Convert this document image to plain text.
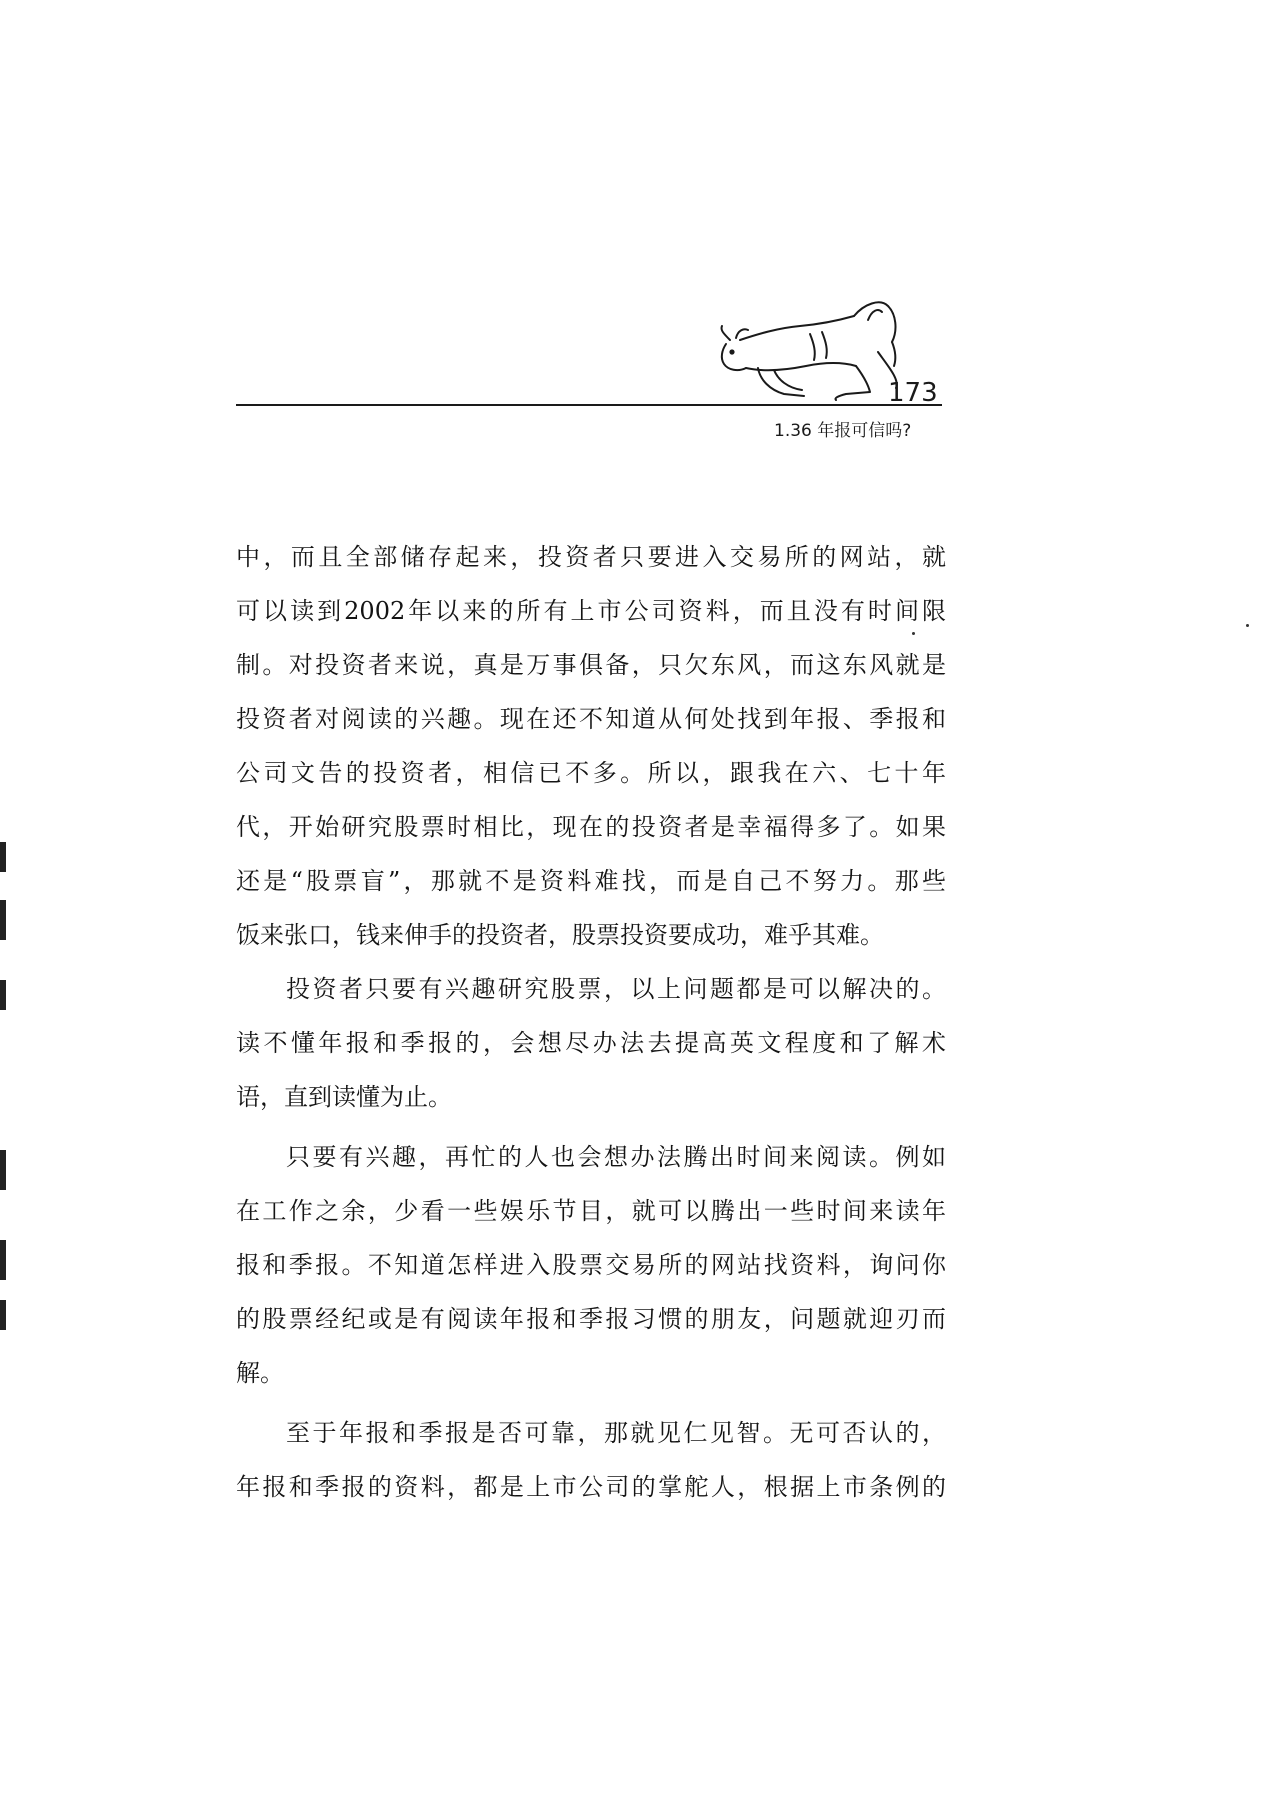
173
1.36 年报可信吗?
中，而且全部储存起来，投资者只要进入交易所的网站，就
可以读到2002年以来的所有上市公司资料，而且没有时间限
制。对投资者来说，真是万事俱备，只欠东风，而这东风就是
投资者对阅读的兴趣。现在还不知道从何处找到年报、季报和
公司文告的投资者，相信已不多。所以，跟我在六、七十年
代，开始研究股票时相比，现在的投资者是幸福得多了。如果
还是“股票盲”，那就不是资料难找，而是自己不努力。那些
饭来张口，钱来伸手的投资者，股票投资要成功，难乎其难。
投资者只要有兴趣研究股票，以上问题都是可以解决的。
读不懂年报和季报的，会想尽办法去提高英文程度和了解术
语，直到读懂为止。
只要有兴趣，再忙的人也会想办法腾出时间来阅读。例如
在工作之余，少看一些娱乐节目，就可以腾出一些时间来读年
报和季报。不知道怎样进入股票交易所的网站找资料，询问你
的股票经纪或是有阅读年报和季报习惯的朋友，问题就迎刃而
解。
至于年报和季报是否可靠，那就见仁见智。无可否认的，
年报和季报的资料，都是上市公司的掌舵人，根据上市条例的
